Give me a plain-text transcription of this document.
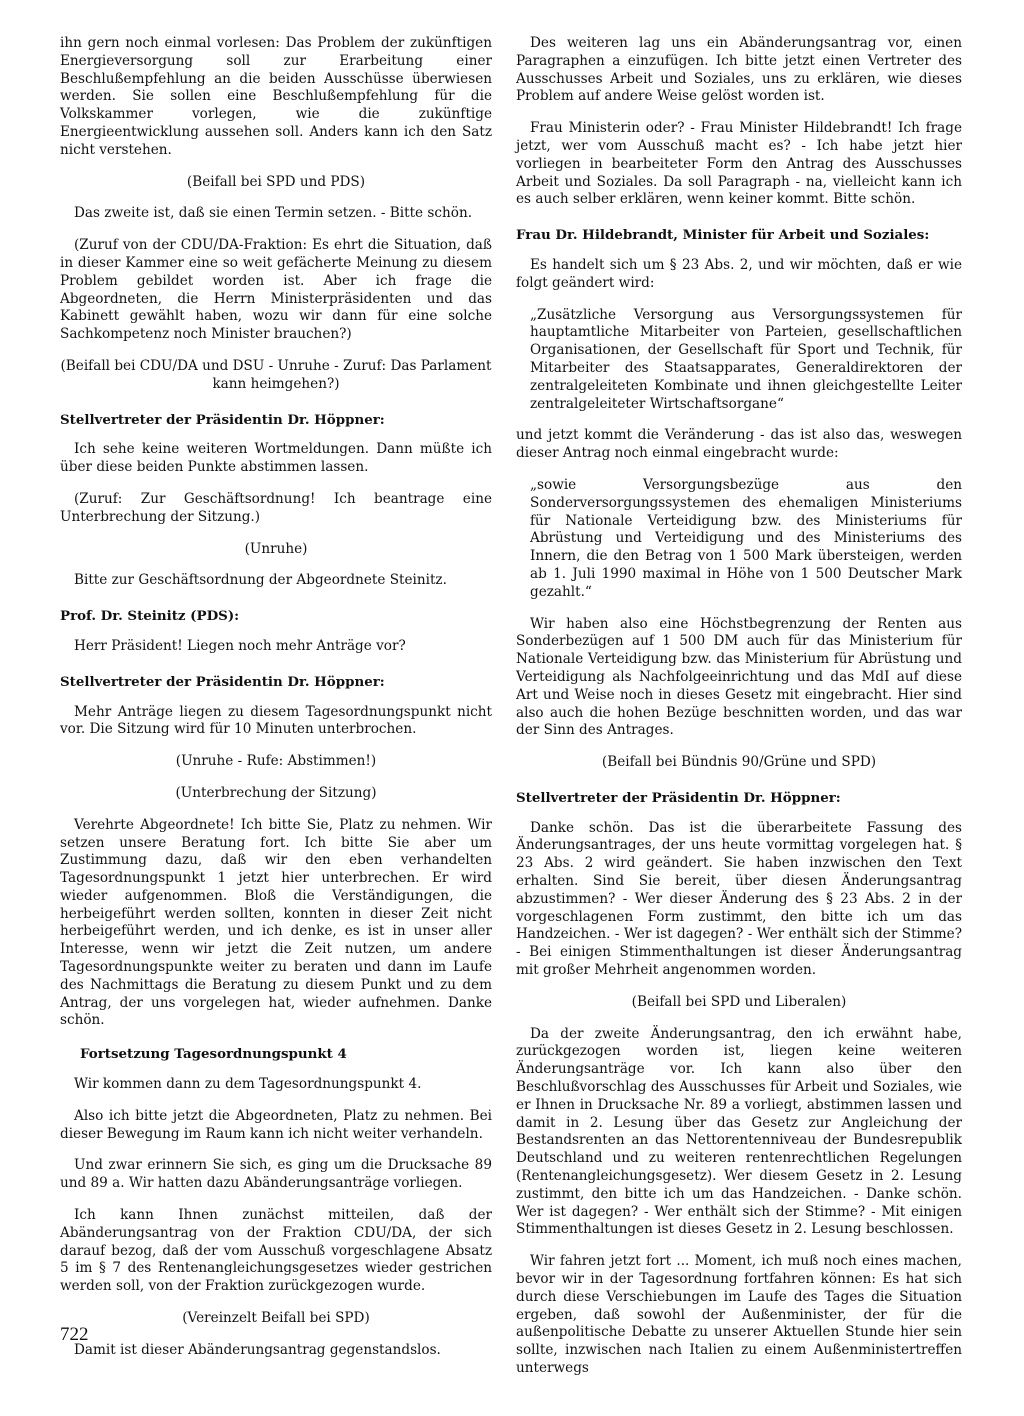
ihn gern noch einmal vorlesen: Das Problem der zukünftigen Energieversorgung soll zur Erarbeitung einer Beschlußempfehlung an die beiden Ausschüsse überwiesen werden. Sie sollen eine Beschlußempfehlung für die Volkskammer vorlegen, wie die zukünftige Energieentwicklung aussehen soll. Anders kann ich den Satz nicht verstehen.

(Beifall bei SPD und PDS)

Das zweite ist, daß sie einen Termin setzen. - Bitte schön.

(Zuruf von der CDU/DA-Fraktion: Es ehrt die Situation, daß in dieser Kammer eine so weit gefächerte Meinung zu diesem Problem gebildet worden ist. Aber ich frage die Abgeordneten, die Herrn Ministerpräsidenten und das Kabinett gewählt haben, wozu wir dann für eine solche Sachkompetenz noch Minister brauchen?)

(Beifall bei CDU/DA und DSU - Unruhe - Zuruf: Das Parlament kann heimgehen?)

Stellvertreter der Präsidentin Dr. Höppner:

Ich sehe keine weiteren Wortmeldungen. Dann müßte ich über diese beiden Punkte abstimmen lassen.

(Zuruf: Zur Geschäftsordnung! Ich beantrage eine Unterbrechung der Sitzung.)

(Unruhe)

Bitte zur Geschäftsordnung der Abgeordnete Steinitz.

Prof. Dr. Steinitz (PDS):

Herr Präsident! Liegen noch mehr Anträge vor?

Stellvertreter der Präsidentin Dr. Höppner:

Mehr Anträge liegen zu diesem Tagesordnungspunkt nicht vor. Die Sitzung wird für 10 Minuten unterbrochen.

(Unruhe - Rufe: Abstimmen!)

(Unterbrechung der Sitzung)

Verehrte Abgeordnete! Ich bitte Sie, Platz zu nehmen. Wir setzen unsere Beratung fort. Ich bitte Sie aber um Zustimmung dazu, daß wir den eben verhandelten Tagesordnungspunkt 1 jetzt hier unterbrechen. Er wird wieder aufgenommen. Bloß die Verständigungen, die herbeigeführt werden sollten, konnten in dieser Zeit nicht herbeigeführt werden, und ich denke, es ist in unser aller Interesse, wenn wir jetzt die Zeit nutzen, um andere Tagesordnungspunkte weiter zu beraten und dann im Laufe des Nachmittags die Beratung zu diesem Punkt und zu dem Antrag, der uns vorgelegen hat, wieder aufnehmen. Danke schön.

Fortsetzung Tagesordnungspunkt 4

Wir kommen dann zu dem Tagesordnungspunkt 4.

Also ich bitte jetzt die Abgeordneten, Platz zu nehmen. Bei dieser Bewegung im Raum kann ich nicht weiter verhandeln.

Und zwar erinnern Sie sich, es ging um die Drucksache 89 und 89 a. Wir hatten dazu Abänderungsanträge vorliegen.

Ich kann Ihnen zunächst mitteilen, daß der Abänderungsantrag von der Fraktion CDU/DA, der sich darauf bezog, daß der vom Ausschuß vorgeschlagene Absatz 5 im § 7 des Rentenangleichungsgesetzes wieder gestrichen werden soll, von der Fraktion zurückgezogen wurde.

(Vereinzelt Beifall bei SPD)

Damit ist dieser Abänderungsantrag gegenstandslos.

Des weiteren lag uns ein Abänderungsantrag vor, einen Paragraphen a einzufügen. Ich bitte jetzt einen Vertreter des Ausschusses Arbeit und Soziales, uns zu erklären, wie dieses Problem auf andere Weise gelöst worden ist.

Frau Ministerin oder? - Frau Minister Hildebrandt! Ich frage jetzt, wer vom Ausschuß macht es? - Ich habe jetzt hier vorliegen in bearbeiteter Form den Antrag des Ausschusses Arbeit und Soziales. Da soll Paragraph - na, vielleicht kann ich es auch selber erklären, wenn keiner kommt. Bitte schön.

Frau Dr. Hildebrandt, Minister für Arbeit und Soziales:

Es handelt sich um § 23 Abs. 2, und wir möchten, daß er wie folgt geändert wird:

„Zusätzliche Versorgung aus Versorgungssystemen für hauptamtliche Mitarbeiter von Parteien, gesellschaftlichen Organisationen, der Gesellschaft für Sport und Technik, für Mitarbeiter des Staatsapparates, Generaldirektoren der zentralgeleiteten Kombinate und ihnen gleichgestellte Leiter zentralgeleiteter Wirtschaftsorgane“

und jetzt kommt die Veränderung - das ist also das, weswegen dieser Antrag noch einmal eingebracht wurde:

„sowie Versorgungsbezüge aus den Sonderversorgungssystemen des ehemaligen Ministeriums für Nationale Verteidigung bzw. des Ministeriums für Abrüstung und Verteidigung und des Ministeriums des Innern, die den Betrag von 1 500 Mark übersteigen, werden ab 1. Juli 1990 maximal in Höhe von 1 500 Deutscher Mark gezahlt.“

Wir haben also eine Höchstbegrenzung der Renten aus Sonderbezügen auf 1 500 DM auch für das Ministerium für Nationale Verteidigung bzw. das Ministerium für Abrüstung und Verteidigung als Nachfolgeeinrichtung und das MdI auf diese Art und Weise noch in dieses Gesetz mit eingebracht. Hier sind also auch die hohen Bezüge beschnitten worden, und das war der Sinn des Antrages.

(Beifall bei Bündnis 90/Grüne und SPD)

Stellvertreter der Präsidentin Dr. Höppner:

Danke schön. Das ist die überarbeitete Fassung des Änderungsantrages, der uns heute vormittag vorgelegen hat. § 23 Abs. 2 wird geändert. Sie haben inzwischen den Text erhalten. Sind Sie bereit, über diesen Änderungsantrag abzustimmen? - Wer dieser Änderung des § 23 Abs. 2 in der vorgeschlagenen Form zustimmt, den bitte ich um das Handzeichen. - Wer ist dagegen? - Wer enthält sich der Stimme? - Bei einigen Stimmenthaltungen ist dieser Änderungsantrag mit großer Mehrheit angenommen worden.

(Beifall bei SPD und Liberalen)

Da der zweite Änderungsantrag, den ich erwähnt habe, zurückgezogen worden ist, liegen keine weiteren Änderungsanträge vor. Ich kann also über den Beschlußvorschlag des Ausschusses für Arbeit und Soziales, wie er Ihnen in Drucksache Nr. 89 a vorliegt, abstimmen lassen und damit in 2. Lesung über das Gesetz zur Angleichung der Bestandsrenten an das Nettorentenniveau der Bundesrepublik Deutschland und zu weiteren rentenrechtlichen Regelungen (Rentenangleichungsgesetz). Wer diesem Gesetz in 2. Lesung zustimmt, den bitte ich um das Handzeichen. - Danke schön. Wer ist dagegen? - Wer enthält sich der Stimme? - Mit einigen Stimmenthaltungen ist dieses Gesetz in 2. Lesung beschlossen.

Wir fahren jetzt fort ... Moment, ich muß noch eines machen, bevor wir in der Tagesordnung fortfahren können: Es hat sich durch diese Verschiebungen im Laufe des Tages die Situation ergeben, daß sowohl der Außenminister, der für die außenpolitische Debatte zu unserer Aktuellen Stunde hier sein sollte, inzwischen nach Italien zu einem Außenministertreffen unterwegs

722
